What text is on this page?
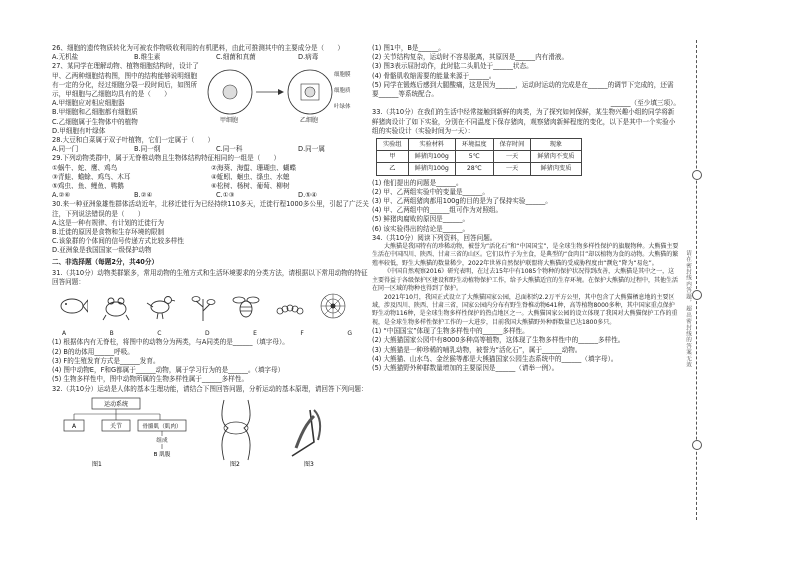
26、细胞的遗传物质转化为可被农作物吸收利用的有机肥料，由此可推测其中的主要成分是（　　）

A.无机盐	B.维生素	C.细菌和真菌	D.病毒

27、某同学在理解动物、植物细胞结构时，设计了甲、乙两种细胞结构图，图中的结构能够说明细胞有一定的分化，经过细胞分裂一段时间后，如图所示，甲细胞与乙细胞均具有的是（　　）

A.甲细胞应对相应细胞器

B.甲细胞和乙细胞都有细胞质

C.乙细胞属于生物体中的植物

D.甲细胞有叶绿体

甲细胞	乙细胞
细胞膜
细胞质
叶绿体

28.大豆和白菜属于双子叶植物，它们一定属于（　　）

A.同一门	B.同一纲	C.同一科	D.同一属

29.下列动物类群中，属于无脊椎动物且生物体结构特征相同的一组是（　　）

①蜗牛、蛇、鹰、鸡鸟	②海葵、海蜇、珊瑚虫、蝴蝶
③青蛙、蟾蜍、鸡鸟、木耳	④蚯蚓、蛔虫、绦虫、水螅
⑤鸡虫、鱼、鲤鱼、鸭鹅	⑥松树、杨树、葡萄、柳树
A.②⑥	B.②④	C.①③	D.⑤④

30.来一种亚洲象雄性群体活动近年，北移迁徙行为已经持续110多天，迁徙行程1000多公里，引起了广泛关注，下列说法错误的是（　　）

A.这是一种有规律、有计划的迁徙行为

B.迁徙的原因是食物和生存环境的限制

C.该象群的个体间的信号传递方式比较多样性

D.亚洲象是我国国家一级保护动物

二、非选择题（每题2分，共40分）

31.（共10分）动物类群繁多，常用动物的生殖方式和生活环境要求的分类方法，请根据以下常用动物的特征回答问题：

A	B	C	D	E	F	G

(1) 根据体内有无脊柱，将图中的动物分为两类，与A同类的是______（填字母）。

(2) B的幼体用______呼吸。

(3) F的生殖发育方式是______发育。

(4) 图中动物E，F和G都属于______动物，属于学习行为的是______。（填字母）

(5) 生物多样性中，图中动物所属的生物多样性属于______多样性。

32.（共10分）运动是人体的基本生理功能，请结合下图回答问题，分析运动的基本原理，请回答下列问题：

运动系统
A	关节	骨骼肌（肌肉）
组成
B 肌腹
图1	图2	图3

(1) 图1中，B是______。

(2) 关节结构复杂，运动时不容易脱离，其原因是______内有滑液。

(3) 图3表示屈肘动作，此时肱二头肌处于______状态。

(4) 骨骼肌收缩需要的能量来源于______。

(5) 同学在锻炼后感到大腿酸痛，这是因为______，运动时运动的完成是在______的调节下完成的，还需要______等系统配合。

______（至少填三项）。

33.（共10分）在我们的生活中经常接触到新鲜的肉类，为了探究如何保鲜，某生物兴趣小组的同学将新鲜猪肉设计了如下实验，分别在不同温度下保存猪肉，观察猪肉新鲜程度的变化，以下是其中一个实验小组的实验设计（实验时间为一天）：

实验组	实验材料	环境温度	保存时间	现象
甲	鲜猪肉100g	5℃	一天	鲜猪肉不变质
乙	鲜猪肉100g	28℃	一天	鲜猪肉变质

(1) 他们提出的问题是______。

(2) 甲、乙两组实验中的变量是______。

(3) 甲、乙两组猪肉都用100g的目的是为了保持实验______。

(4) 甲、乙两组中的______组可作为对照组。

(5) 鲜猪肉腐败的原因是______。

(6) 该实验得出的结论是______。

34.（共10分）阅读下列资料，回答问题。

大熊猫是我国特有的珍稀动物，被誉为“活化石”和“中国国宝”，是全球生物多样性保护的旗舰物种。大熊猫主要生活在中国四川、陕西、甘肃三省的山区。它们以竹子为主食，是典型的“食肉目”却以植物为食的动物。大熊猫的繁殖率较低，野生大熊猫的数量稀少，2022年世界自然保护联盟将大熊猫的受威胁程度由“濒危”降为“易危”。

《中国自然观察2016》研究表明，在过去15年中有1085个物种的保护状况得到改善，大熊猫是其中之一，这主要得益于各级保护区建设和野生动植物保护工作，给予大熊猫适宜的生存环境。在保护大熊猫的过程中，其他生活在同一区域的物种也得到了保护。

2021年10月，我国正式设立了大熊猫国家公园，总面积约2.2万平方公里，其中包含了大熊猫栖息地的主要区域，涉及四川、陕西、甘肃三省，国家公园内分布有野生脊椎动物641种，高等植物8000多种，其中国家重点保护野生动物116种，是全球生物多样性保护的热点地区之一。大熊猫国家公园的设立体现了我国对大熊猫保护工作的重视，是全球生物多样性保护工作的一大进步，目前我国大熊猫野外种群数量已达1800多只。

(1) “中国国宝”体现了生物多样性中的______多样性。

(2) 大熊猫国家公园中有8000多种高等植物，这体现了生物多样性中的______多样性。

(3) 大熊猫是一种珍稀的哺乳动物，被誉为“活化石”，属于______动物。

(4) 大熊猫、山水鸟、金丝猴等都是大熊猫国家公园生态系统中的______（填字母）。

(5) 大熊猫野外种群数量增加的主要原因是______（请举一例）。

请在密封线内答题，超出密封线的答案无效
